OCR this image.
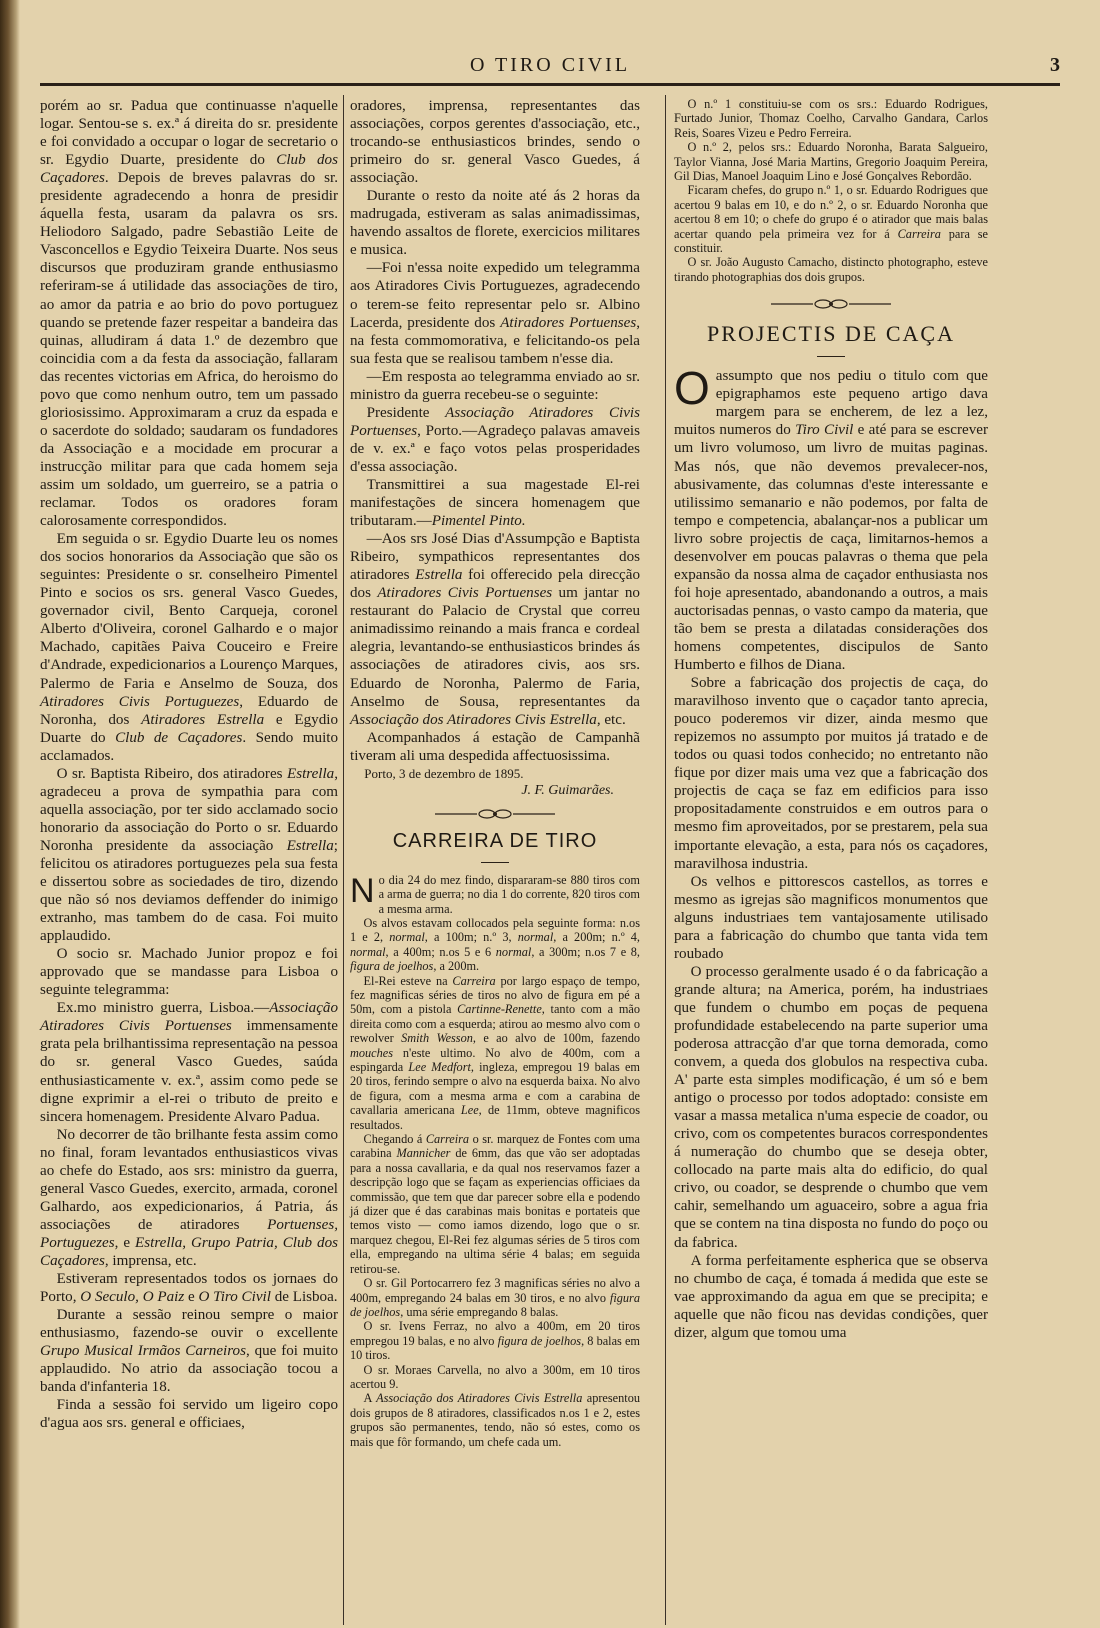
O TIRO CIVIL	3

porém ao sr. Padua que continuasse n'aquelle logar. Sentou-se s. ex.ª á direita do sr. presidente e foi convidado a occupar o logar de secretario o sr. Egydio Duarte, presidente do Club dos Caçadores. Depois de breves palavras do sr. presidente agradecendo a honra de presidir áquella festa, usaram da palavra os srs. Heliodoro Salgado, padre Sebastião Leite de Vasconcellos e Egydio Teixeira Duarte. Nos seus discursos que produziram grande enthusiasmo referiram-se á utilidade das associações de tiro, ao amor da patria e ao brio do povo portuguez quando se pretende fazer respeitar a bandeira das quinas, alludiram á data 1.º de dezembro que coincidia com a da festa da associação, fallaram das recentes victorias em Africa, do heroismo do povo que como nenhum outro, tem um passado gloriosissimo. Approximaram a cruz da espada e o sacerdote do soldado; saudaram os fundadores da Associação e a mocidade em procurar a instrucção militar para que cada homem seja assim um soldado, um guerreiro, se a patria o reclamar. Todos os oradores foram calorosamente correspondidos.

Em seguida o sr. Egydio Duarte leu os nomes dos socios honorarios da Associação que são os seguintes: Presidente o sr. conselheiro Pimentel Pinto e socios os srs. general Vasco Guedes, governador civil, Bento Carqueja, coronel Alberto d'Oliveira, coronel Galhardo e o major Machado, capitães Paiva Couceiro e Freire d'Andrade, expedicionarios a Lourenço Marques, Palermo de Faria e Anselmo de Souza, dos Atiradores Civis Portuguezes, Eduardo de Noronha, dos Atiradores Estrella e Egydio Duarte do Club de Caçadores. Sendo muito acclamados.

O sr. Baptista Ribeiro, dos atiradores Estrella, agradeceu a prova de sympathia para com aquella associação, por ter sido acclamado socio honorario da associação do Porto o sr. Eduardo Noronha presidente da associação Estrella; felicitou os atiradores portuguezes pela sua festa e dissertou sobre as sociedades de tiro, dizendo que não só nos deviamos deffender do inimigo extranho, mas tambem do de casa. Foi muito applaudido.

O socio sr. Machado Junior propoz e foi approvado que se mandasse para Lisboa o seguinte telegramma:

Ex.mo ministro guerra, Lisboa.—Associação Atiradores Civis Portuenses immensamente grata pela brilhantissima representação na pessoa do sr. general Vasco Guedes, saúda enthusiasticamente v. ex.ª, assim como pede se digne exprimir a el-rei o tributo de preito e sincera homenagem. Presidente Alvaro Padua.

No decorrer de tão brilhante festa assim como no final, foram levantados enthusiasticos vivas ao chefe do Estado, aos srs: ministro da guerra, general Vasco Guedes, exercito, armada, coronel Galhardo, aos expedicionarios, á Patria, ás associações de atiradores Portuenses, Portuguezes, e Estrella, Grupo Patria, Club dos Caçadores, imprensa, etc.

Estiveram representados todos os jornaes do Porto, O Seculo, O Paiz e O Tiro Civil de Lisboa.

Durante a sessão reinou sempre o maior enthusiasmo, fazendo-se ouvir o excellente Grupo Musical Irmãos Carneiros, que foi muito applaudido. No atrio da associação tocou a banda d'infanteria 18.

Finda a sessão foi servido um ligeiro copo d'agua aos srs. general e officiaes,

oradores, imprensa, representantes das associações, corpos gerentes d'associação, etc., trocando-se enthusiasticos brindes, sendo o primeiro do sr. general Vasco Guedes, á associação.

Durante o resto da noite até ás 2 horas da madrugada, estiveram as salas animadissimas, havendo assaltos de florete, exercicios militares e musica.

—Foi n'essa noite expedido um telegramma aos Atiradores Civis Portuguezes, agradecendo o terem-se feito representar pelo sr. Albino Lacerda, presidente dos Atiradores Portuenses, na festa commomorativa, e felicitando-os pela sua festa que se realisou tambem n'esse dia.

—Em resposta ao telegramma enviado ao sr. ministro da guerra recebeu-se o seguinte:

Presidente Associação Atiradores Civis Portuenses, Porto.—Agradeço palavas amaveis de v. ex.ª e faço votos pelas prosperidades d'essa associação.

Transmittirei a sua magestade El-rei manifestações de sincera homenagem que tributaram.—Pimentel Pinto.

—Aos srs José Dias d'Assumpção e Baptista Ribeiro, sympathicos representantes dos atiradores Estrella foi offerecido pela direcção dos Atiradores Civis Portuenses um jantar no restaurant do Palacio de Crystal que correu animadissimo reinando a mais franca e cordeal alegria, levantando-se enthusiasticos brindes ás associações de atiradores civis, aos srs. Eduardo de Noronha, Palermo de Faria, Anselmo de Sousa, representantes da Associação dos Atiradores Civis Estrella, etc.

Acompanhados á estação de Campanhã tiveram ali uma despedida affectuosissima.

Porto, 3 de dezembro de 1895.

J. F. Guimarães.
CARREIRA DE TIRO

No dia 24 do mez findo, dispararam-se 880 tiros com a arma de guerra; no dia 1 do corrente, 820 tiros com a mesma arma.

Os alvos estavam collocados pela seguinte forma: n.os 1 e 2, normal, a 100m; n.º 3, normal, a 200m; n.º 4, normal, a 400m; n.os 5 e 6 normal, a 300m; n.os 7 e 8, figura de joelhos, a 200m.

El-Rei esteve na Carreira por largo espaço de tempo, fez magnificas séries de tiros no alvo de figura em pé a 50m, com a pistola Cartinne-Renette, tanto com a mão direita como com a esquerda; atirou ao mesmo alvo com o rewolver Smith Wesson, e ao alvo de 100m, fazendo mouches n'este ultimo. No alvo de 400m, com a espingarda Lee Medfort, ingleza, empregou 19 balas em 20 tiros, ferindo sempre o alvo na esquerda baixa. No alvo de figura, com a mesma arma e com a carabina de cavallaria americana Lee, de 11mm, obteve magnificos resultados.

Chegando á Carreira o sr. marquez de Fontes com uma carabina Mannicher de 6mm, das que vão ser adoptadas para a nossa cavallaria, e da qual nos reservamos fazer a descripção logo que se façam as experiencias officiaes da commissão, que tem que dar parecer sobre ella e podendo já dizer que é das carabinas mais bonitas e portateis que temos visto — como iamos dizendo, logo que o sr. marquez chegou, El-Rei fez algumas séries de 5 tiros com ella, empregando na ultima série 4 balas; em seguida retirou-se.

O sr. Gil Portocarrero fez 3 magnificas séries no alvo a 400m, empregando 24 balas em 30 tiros, e no alvo figura de joelhos, uma série empregando 8 balas.

O sr. Ivens Ferraz, no alvo a 400m, em 20 tiros empregou 19 balas, e no alvo figura de joelhos, 8 balas em 10 tiros.

O sr. Moraes Carvella, no alvo a 300m, em 10 tiros acertou 9.

A Associação dos Atiradores Civis Estrella apresentou dois grupos de 8 atiradores, classificados n.os 1 e 2, estes grupos são permanentes, tendo, não só estes, como os mais que fôr formando, um chefe cada um.

O n.º 1 constituiu-se com os srs.: Eduardo Rodrigues, Furtado Junior, Thomaz Coelho, Carvalho Gandara, Carlos Reis, Soares Vizeu e Pedro Ferreira.

O n.º 2, pelos srs.: Eduardo Noronha, Barata Salgueiro, Taylor Vianna, José Maria Martins, Gregorio Joaquim Pereira, Gil Dias, Manoel Joaquim Lino e José Gonçalves Rebordão.

Ficaram chefes, do grupo n.º 1, o sr. Eduardo Rodrigues que acertou 9 balas em 10, e do n.º 2, o sr. Eduardo Noronha que acertou 8 em 10; o chefe do grupo é o atirador que mais balas acertar quando pela primeira vez for á Carreira para se constituir.

O sr. João Augusto Camacho, distincto photographo, esteve tirando photographias dos dois grupos.

PROJECTIS DE CAÇA

Oassumpto que nos pediu o titulo com que epigraphamos este pequeno artigo dava margem para se encherem, de lez a lez, muitos numeros do Tiro Civil e até para se escrever um livro volumoso, um livro de muitas paginas. Mas nós, que não devemos prevalecer-nos, abusivamente, das columnas d'este interessante e utilissimo semanario e não podemos, por falta de tempo e competencia, abalançar-nos a publicar um livro sobre projectis de caça, limitarnos-hemos a desenvolver em poucas palavras o thema que pela expansão da nossa alma de caçador enthusiasta nos foi hoje apresentado, abandonando a outros, a mais auctorisadas pennas, o vasto campo da materia, que tão bem se presta a dilatadas considerações dos homens competentes, discipulos de Santo Humberto e filhos de Diana.

Sobre a fabricação dos projectis de caça, do maravilhoso invento que o caçador tanto aprecia, pouco poderemos vir dizer, ainda mesmo que repizemos no assumpto por muitos já tratado e de todos ou quasi todos conhecido; no entretanto não fique por dizer mais uma vez que a fabricação dos projectis de caça se faz em edificios para isso propositadamente construidos e em outros para o mesmo fim aproveitados, por se prestarem, pela sua importante elevação, a esta, para nós os caçadores, maravilhosa industria.

Os velhos e pittorescos castellos, as torres e mesmo as igrejas são magnificos monumentos que alguns industriaes tem vantajosamente utilisado para a fabricação do chumbo que tanta vida tem roubado

O processo geralmente usado é o da fabricação a grande altura; na America, porém, ha industriaes que fundem o chumbo em poças de pequena profundidade estabelecendo na parte superior uma poderosa attracção d'ar que torna demorada, como convem, a queda dos globulos na respectiva cuba. A' parte esta simples modificação, é um só e bem antigo o processo por todos adoptado: consiste em vasar a massa metalica n'uma especie de coador, ou crivo, com os competentes buracos correspondentes á numeração do chumbo que se deseja obter, collocado na parte mais alta do edificio, do qual crivo, ou coador, se desprende o chumbo que vem cahir, semelhando um aguaceiro, sobre a agua fria que se contem na tina disposta no fundo do poço ou da fabrica.

A forma perfeitamente espherica que se observa no chumbo de caça, é tomada á medida que este se vae approximando da agua em que se precipita; e aquelle que não ficou nas devidas condições, quer dizer, algum que tomou uma
